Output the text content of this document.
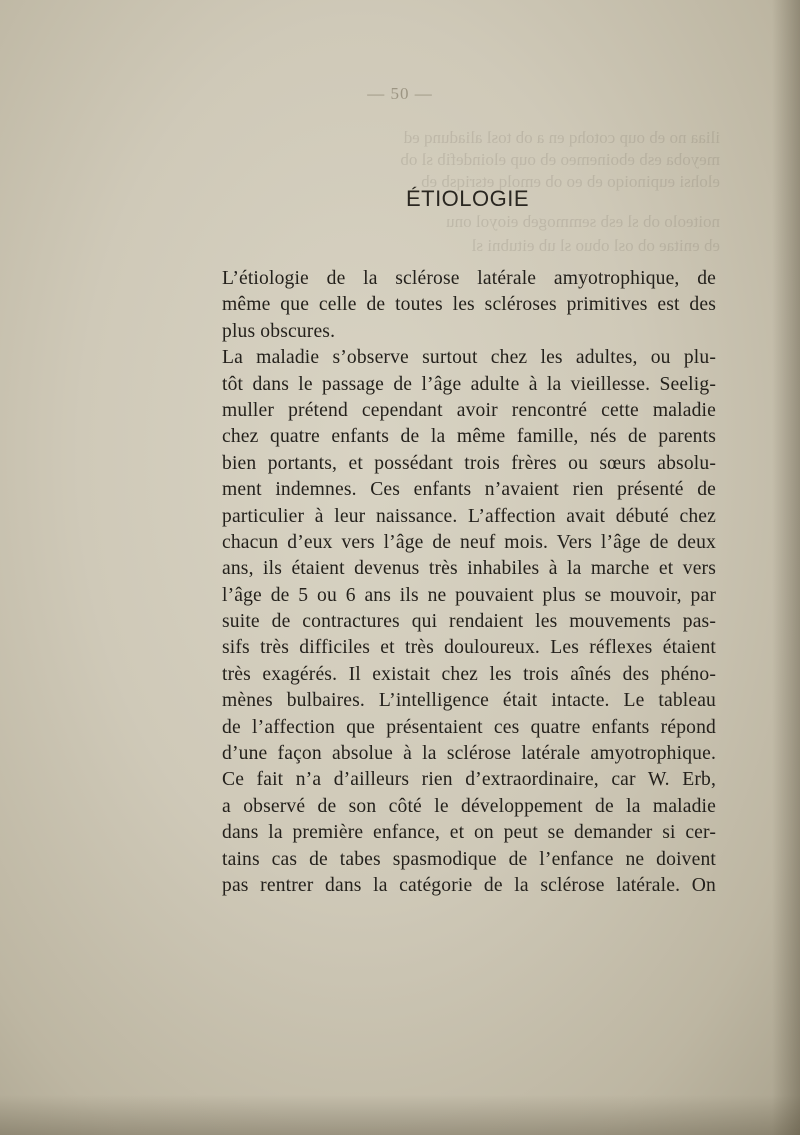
iliaa no eb oup cotohq en a ob tosl aliadunq ed
meyoba esb eboinemeo eb oup eloindefib sl ob
elohsi eupinoiqo eb eo ob emolq etsriqsb eb
noiteolo ob sl esb semmogeb eioyol onu
eb enitae ob osl obuo sl ub eitubni sl
— 50 —
ÉTIOLOGIE
L’étiologie de la sclérose latérale amyotrophique, de
même que celle de toutes les scléroses primitives est des
plus obscures.
La maladie s’observe surtout chez les adultes, ou plu-
tôt dans le passage de l’âge adulte à la vieillesse. Seelig-
muller prétend cependant avoir rencontré cette maladie
chez quatre enfants de la même famille, nés de parents
bien portants, et possédant trois frères ou sœurs absolu-
ment indemnes. Ces enfants n’avaient rien présenté de
particulier à leur naissance. L’affection avait débuté chez
chacun d’eux vers l’âge de neuf mois. Vers l’âge de deux
ans, ils étaient devenus très inhabiles à la marche et vers
l’âge de 5 ou 6 ans ils ne pouvaient plus se mouvoir, par
suite de contractures qui rendaient les mouvements pas-
sifs très difficiles et très douloureux. Les réflexes étaient
très exagérés. Il existait chez les trois aînés des phéno-
mènes bulbaires. L’intelligence était intacte. Le tableau
de l’affection que présentaient ces quatre enfants répond
d’une façon absolue à la sclérose latérale amyotrophique.
Ce fait n’a d’ailleurs rien d’extraordinaire, car W. Erb,
a observé de son côté le développement de la maladie
dans la première enfance, et on peut se demander si cer-
tains cas de tabes spasmodique de l’enfance ne doivent
pas rentrer dans la catégorie de la sclérose latérale. On
